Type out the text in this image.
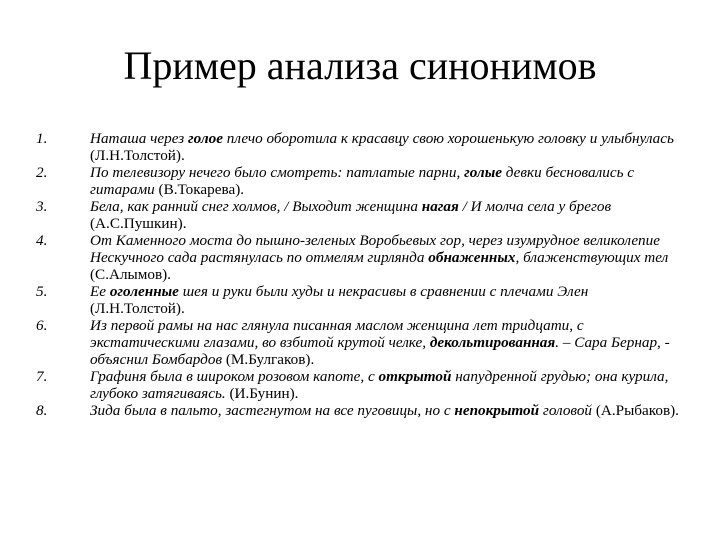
Пример анализа синонимов
1.	Наташа через голое плечо оборотила к красавцу свою хорошенькую головку и улыбнулась (Л.Н.Толстой).
2.	По телевизору нечего было смотреть: патлатые парни, голые девки бесновались с гитарами (В.Токарева).
3.	Бела, как ранний снег холмов, / Выходит женщина нагая / И молча села у брегов (А.С.Пушкин).
4.	От Каменного моста до пышно-зеленых Воробьевых гор, через изумрудное великолепие Нескучного сада растянулась по отмелям гирлянда обнаженных, блаженствующих тел (С.Алымов).
5.	Ее оголенные шея и руки были худы и некрасивы в сравнении с плечами Элен (Л.Н.Толстой).
6.	Из первой рамы на нас глянула писанная маслом женщина лет тридцати, с экстатическими глазами, во взбитой крутой челке, декольтированная. – Сара Бернар, - объяснил Бомбардов (М.Булгаков).
7.	Графиня была в широком розовом капоте, с открытой напудренной грудью; она курила, глубоко затягиваясь. (И.Бунин).
8.	Зида была в пальто, застегнутом на все пуговицы, но с непокрытой головой (А.Рыбаков).
